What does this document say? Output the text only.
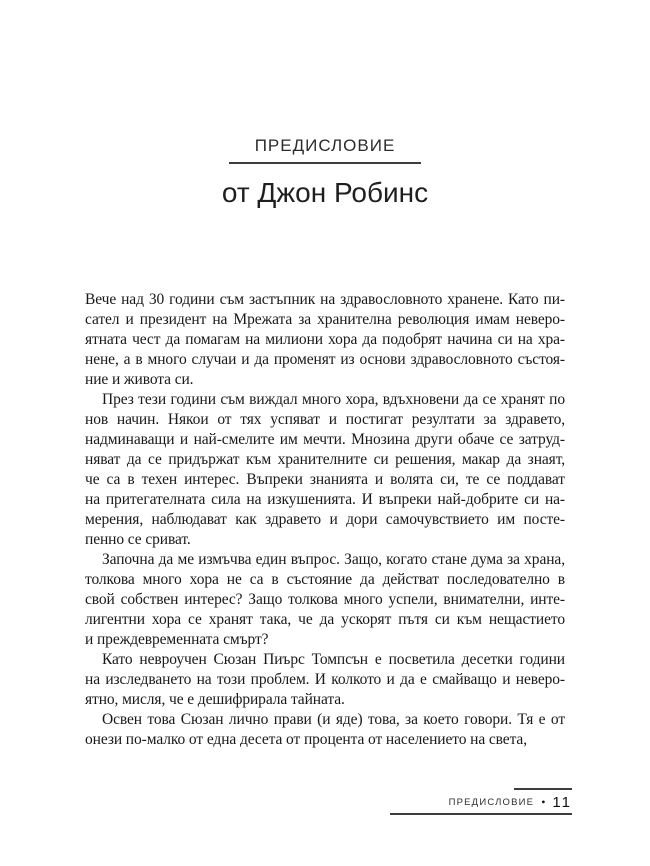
ПРЕДИСЛОВИЕ
от Джон Робинс

Вече над 30 години съм застъпник на здравословното хранене. Като пи-
сател и президент на Мрежата за хранителна революция имам неверо-
ятната чест да помагам на милиони хора да подобрят начина си на хра-
нене, а в много случаи и да променят из основи здравословното състоя-
ние и живота си.

През тези години съм виждал много хора, вдъхновени да се хранят по
нов начин. Някои от тях успяват и постигат резултати за здравето,
надминаващи и най-смелите им мечти. Мнозина други обаче се затруд-
няват да се придържат към хранителните си решения, макар да знаят,
че са в техен интерес. Въпреки знанията и волята си, те се поддават
на притегателната сила на изкушенията. И въпреки най-добрите си на-
мерения, наблюдават как здравето и дори самочувствието им посте-
пенно се сриват.

Започна да ме измъчва един въпрос. Защо, когато стане дума за храна,
толкова много хора не са в състояние да действат последователно в
свой собствен интерес? Защо толкова много успели, внимателни, инте-
лигентни хора се хранят така, че да ускорят пътя си към нещастието
и преждевременната смърт?

Като невроучен Сюзан Пиърс Томпсън е посветила десетки години
на изследването на този проблем. И колкото и да е смайващо и неверо-
ятно, мисля, че е дешифрирала тайната.

Освен това Сюзан лично прави (и яде) това, за което говори. Тя е от
онези по-малко от една десета от процента от населението на света,

ПРЕДИСЛОВИЕ • 11
